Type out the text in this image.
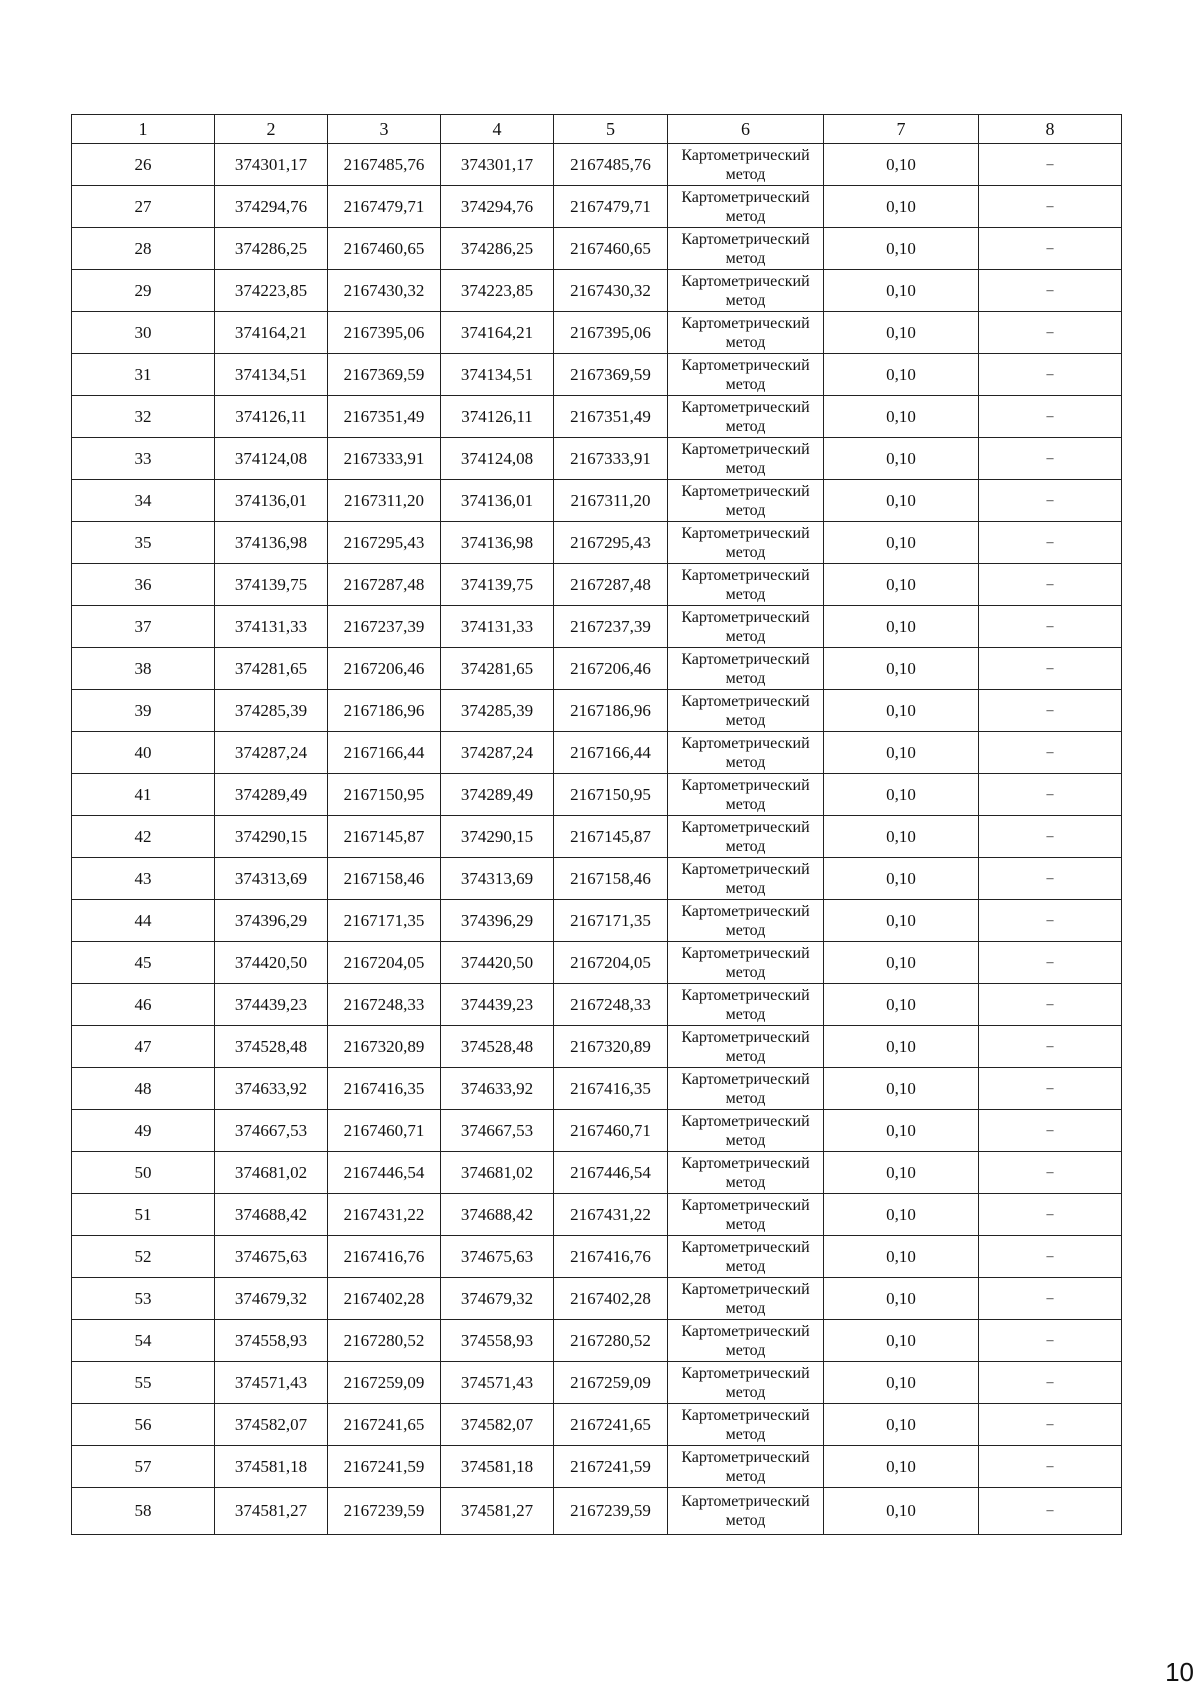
1	2	3	4	5	6	7	8
26	374301,17	2167485,76	374301,17	2167485,76	Картометрический метод	0,10	–
27	374294,76	2167479,71	374294,76	2167479,71	Картометрический метод	0,10	–
28	374286,25	2167460,65	374286,25	2167460,65	Картометрический метод	0,10	–
29	374223,85	2167430,32	374223,85	2167430,32	Картометрический метод	0,10	–
30	374164,21	2167395,06	374164,21	2167395,06	Картометрический метод	0,10	–
31	374134,51	2167369,59	374134,51	2167369,59	Картометрический метод	0,10	–
32	374126,11	2167351,49	374126,11	2167351,49	Картометрический метод	0,10	–
33	374124,08	2167333,91	374124,08	2167333,91	Картометрический метод	0,10	–
34	374136,01	2167311,20	374136,01	2167311,20	Картометрический метод	0,10	–
35	374136,98	2167295,43	374136,98	2167295,43	Картометрический метод	0,10	–
36	374139,75	2167287,48	374139,75	2167287,48	Картометрический метод	0,10	–
37	374131,33	2167237,39	374131,33	2167237,39	Картометрический метод	0,10	–
38	374281,65	2167206,46	374281,65	2167206,46	Картометрический метод	0,10	–
39	374285,39	2167186,96	374285,39	2167186,96	Картометрический метод	0,10	–
40	374287,24	2167166,44	374287,24	2167166,44	Картометрический метод	0,10	–
41	374289,49	2167150,95	374289,49	2167150,95	Картометрический метод	0,10	–
42	374290,15	2167145,87	374290,15	2167145,87	Картометрический метод	0,10	–
43	374313,69	2167158,46	374313,69	2167158,46	Картометрический метод	0,10	–
44	374396,29	2167171,35	374396,29	2167171,35	Картометрический метод	0,10	–
45	374420,50	2167204,05	374420,50	2167204,05	Картометрический метод	0,10	–
46	374439,23	2167248,33	374439,23	2167248,33	Картометрический метод	0,10	–
47	374528,48	2167320,89	374528,48	2167320,89	Картометрический метод	0,10	–
48	374633,92	2167416,35	374633,92	2167416,35	Картометрический метод	0,10	–
49	374667,53	2167460,71	374667,53	2167460,71	Картометрический метод	0,10	–
50	374681,02	2167446,54	374681,02	2167446,54	Картометрический метод	0,10	–
51	374688,42	2167431,22	374688,42	2167431,22	Картометрический метод	0,10	–
52	374675,63	2167416,76	374675,63	2167416,76	Картометрический метод	0,10	–
53	374679,32	2167402,28	374679,32	2167402,28	Картометрический метод	0,10	–
54	374558,93	2167280,52	374558,93	2167280,52	Картометрический метод	0,10	–
55	374571,43	2167259,09	374571,43	2167259,09	Картометрический метод	0,10	–
56	374582,07	2167241,65	374582,07	2167241,65	Картометрический метод	0,10	–
57	374581,18	2167241,59	374581,18	2167241,59	Картометрический метод	0,10	–
58	374581,27	2167239,59	374581,27	2167239,59	Картометрический метод	0,10	–
10
